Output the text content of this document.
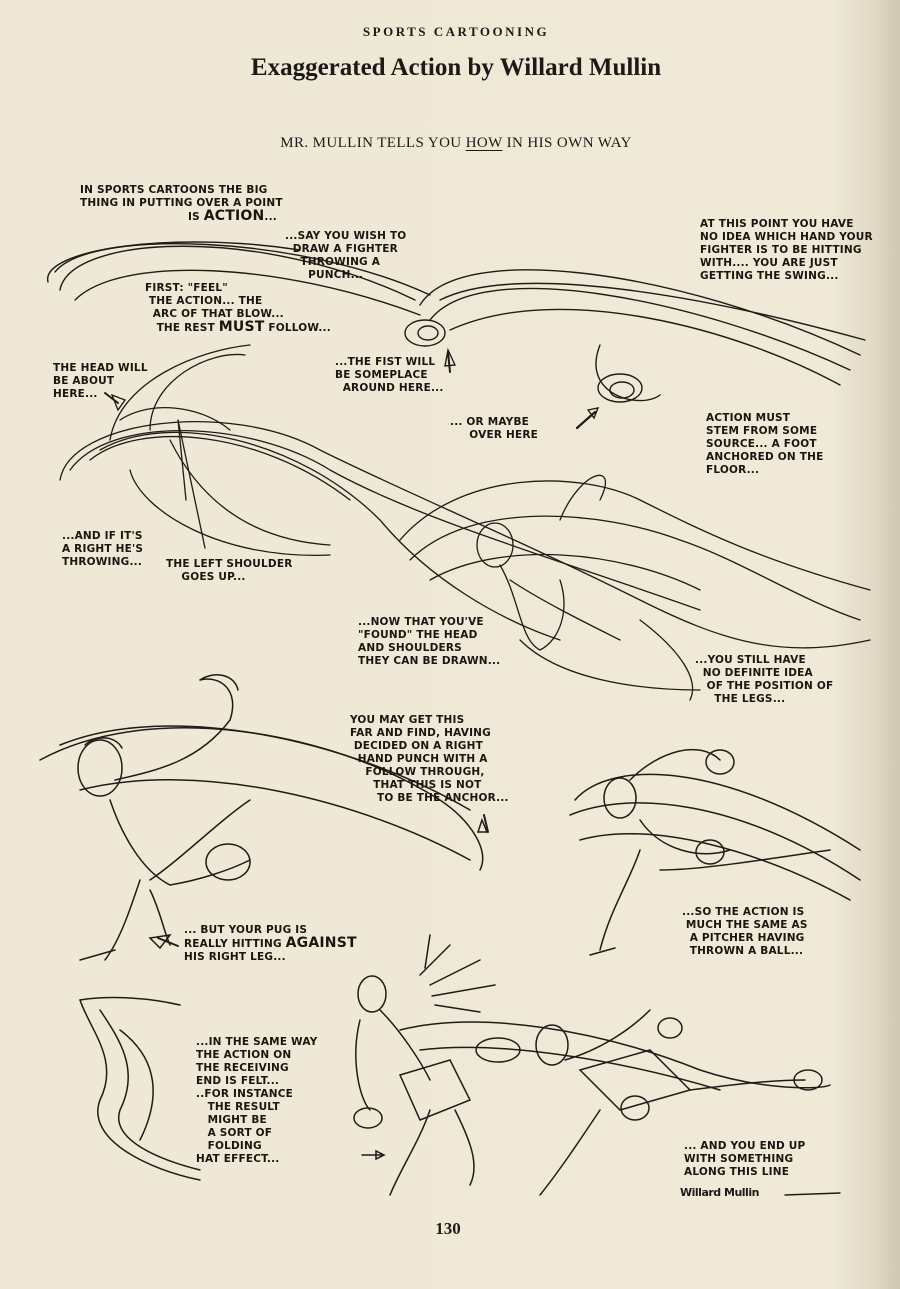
SPORTS CARTOONING
Exaggerated Action by Willard Mullin
MR. MULLIN TELLS YOU HOW IN HIS OWN WAY
IN SPORTS CARTOONS THE BIG
THING IN PUTTING OVER A POINT
IS ACTION...
...SAY YOU WISH TO
DRAW A FIGHTER
THROWING A
PUNCH...
FIRST: "FEEL"
THE ACTION... THE
ARC OF THAT BLOW...
THE REST MUST FOLLOW...
AT THIS POINT YOU HAVE
NO IDEA WHICH HAND YOUR
FIGHTER IS TO BE HITTING
WITH.... YOU ARE JUST
GETTING THE SWING...
THE HEAD WILL
BE ABOUT
HERE...
...THE FIST WILL
BE SOMEPLACE
AROUND HERE...
... OR MAYBE
OVER HERE
ACTION MUST
STEM FROM SOME
SOURCE... A FOOT
ANCHORED ON THE
FLOOR...
...AND IF IT'S
A RIGHT HE'S
THROWING... THE LEFT SHOULDER
GOES UP...
...NOW THAT YOU'VE
"FOUND" THE HEAD
AND SHOULDERS
THEY CAN BE DRAWN...	...YOU STILL HAVE
NO DEFINITE IDEA
OF THE POSITION OF
THE LEGS...
YOU MAY GET THIS
FAR AND FIND, HAVING
DECIDED ON A RIGHT
HAND PUNCH WITH A
FOLLOW THROUGH,
THAT THIS IS NOT
TO BE THE ANCHOR...
... BUT YOUR PUG IS
REALLY HITTING AGAINST
HIS RIGHT LEG...
...SO THE ACTION IS
MUCH THE SAME AS
A PITCHER HAVING
THROWN A BALL...
...IN THE SAME WAY
THE ACTION ON
THE RECEIVING
END IS FELT...
..FOR INSTANCE
THE RESULT
MIGHT BE
A SORT OF
FOLDING
HAT EFFECT...
... AND YOU END UP
WITH SOMETHING
ALONG THIS LINE
Willard Mullin
130
